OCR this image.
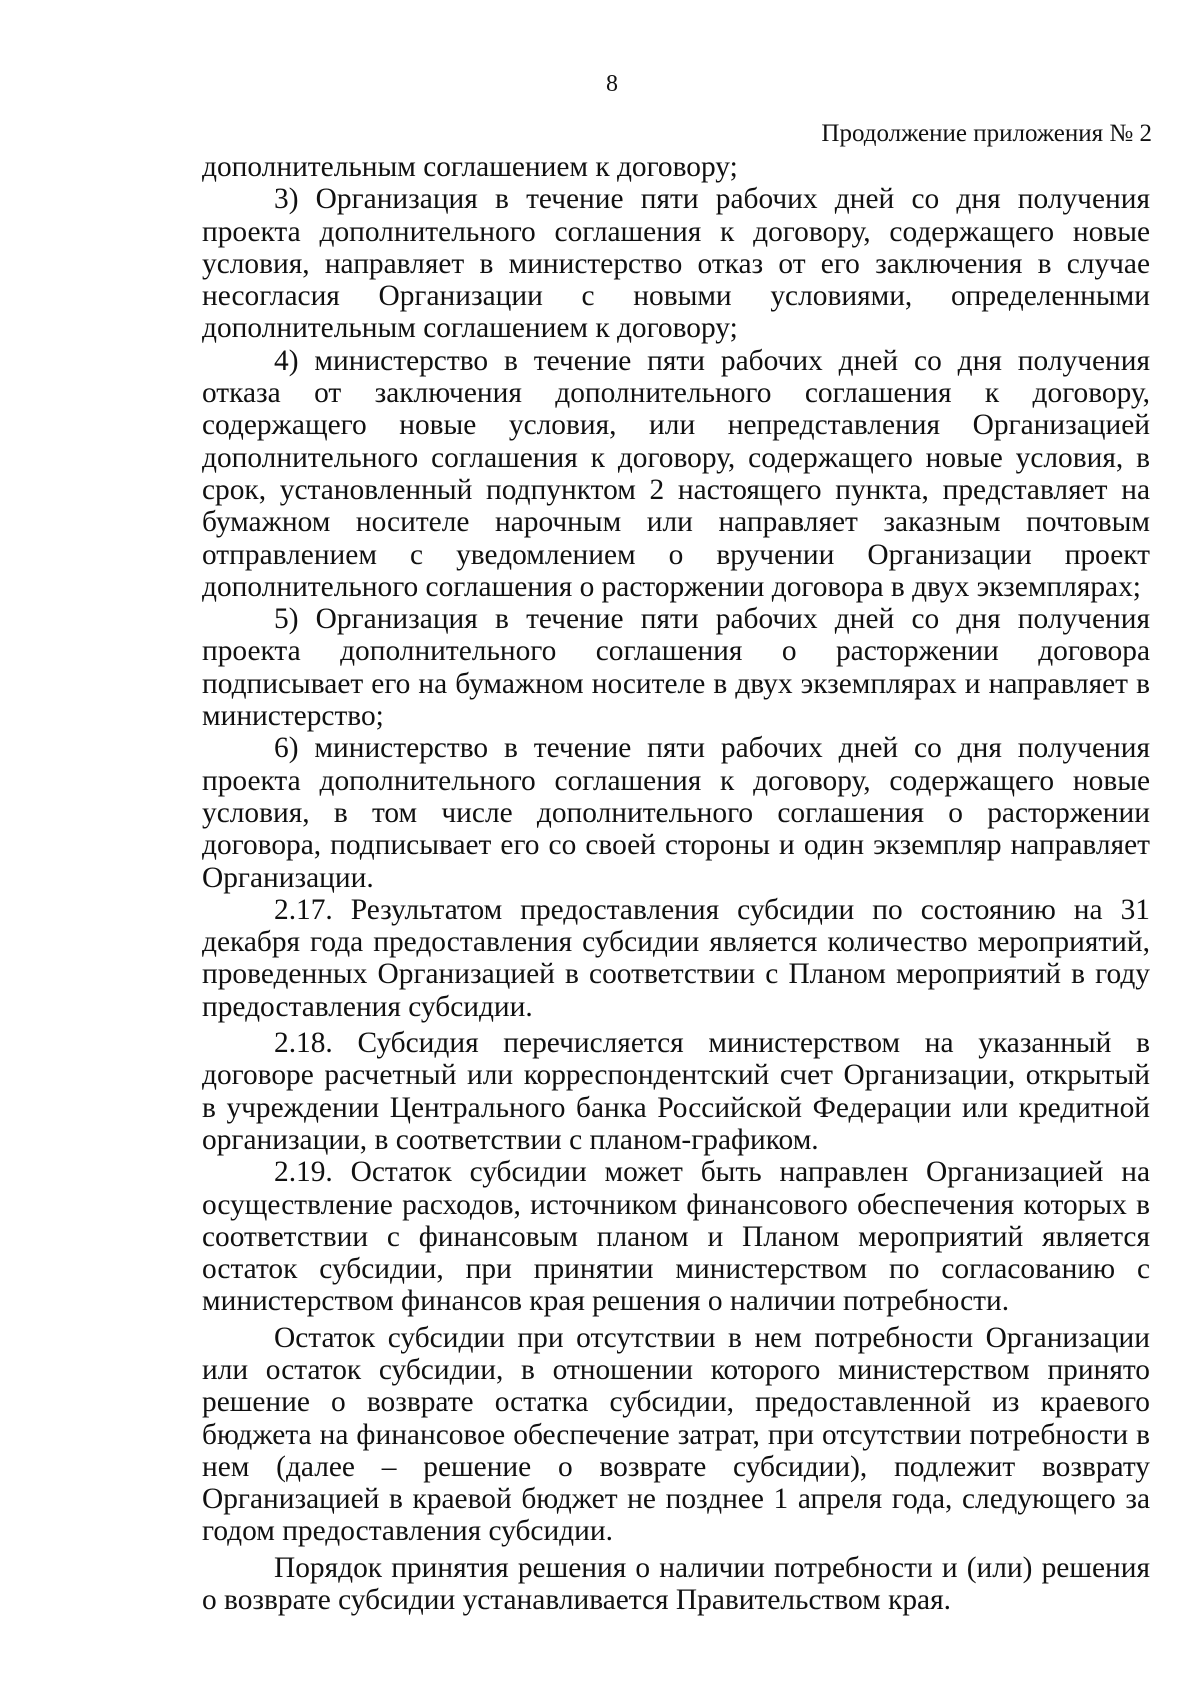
8
Продолжение приложения № 2

дополнительным соглашением к договору;

3) Организация в течение пяти рабочих дней со дня получения проекта дополнительного соглашения к договору, содержащего новые условия, направляет в министерство отказ от его заключения в случае несогласия Организации с новыми условиями, определенными дополнительным соглашением к договору;

4) министерство в течение пяти рабочих дней со дня получения отказа от заключения дополнительного соглашения к договору, содержащего новые условия, или непредставления Организацией дополнительного соглашения к договору, содержащего новые условия, в срок, установленный подпунктом 2 настоящего пункта, представляет на бумажном носителе нарочным или направляет заказным почтовым отправлением с уведомлением о вручении Организации проект дополнительного соглашения о расторжении договора в двух экземплярах;

5) Организация в течение пяти рабочих дней со дня получения проекта дополнительного соглашения о расторжении договора подписывает его на бумажном носителе в двух экземплярах и направляет в министерство;

6) министерство в течение пяти рабочих дней со дня получения проекта дополнительного соглашения к договору, содержащего новые условия, в том числе дополнительного соглашения о расторжении договора, подписывает его со своей стороны и один экземпляр направляет Организации.

2.17. Результатом предоставления субсидии по состоянию на 31 декабря года предоставления субсидии является количество мероприятий, проведенных Организацией в соответствии с Планом мероприятий в году предоставления субсидии.

2.18. Субсидия перечисляется министерством на указанный в договоре расчетный или корреспондентский счет Организации, открытый в учреждении Центрального банка Российской Федерации или кредитной организации, в соответствии с планом-графиком.

2.19. Остаток субсидии может быть направлен Организацией на осуществление расходов, источником финансового обеспечения которых в соответствии с финансовым планом и Планом мероприятий является остаток субсидии, при принятии министерством по согласованию с министерством финансов края решения о наличии потребности.

Остаток субсидии при отсутствии в нем потребности Организации или остаток субсидии, в отношении которого министерством принято решение о возврате остатка субсидии, предоставленной из краевого бюджета на финансовое обеспечение затрат, при отсутствии потребности в нем (далее – решение о возврате субсидии), подлежит возврату Организацией в краевой бюджет не позднее 1 апреля года, следующего за годом предоставления субсидии.

Порядок принятия решения о наличии потребности и (или) решения о возврате субсидии устанавливается Правительством края.
